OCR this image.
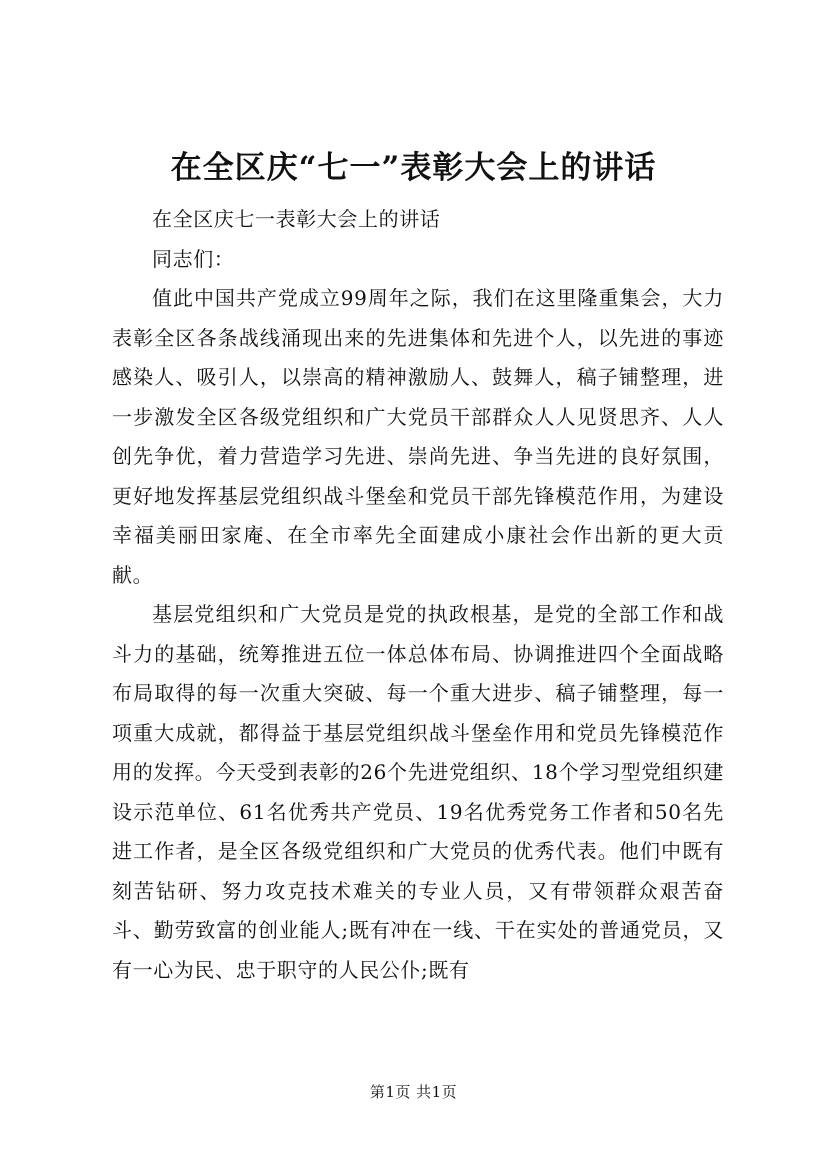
在全区庆“七一”表彰大会上的讲话

在全区庆七一表彰大会上的讲话

同志们：

值此中国共产党成立99周年之际，我们在这里隆重集会，大力表彰全区各条战线涌现出来的先进集体和先进个人，以先进的事迹感染人、吸引人，以崇高的精神激励人、鼓舞人，稿子铺整理，进一步激发全区各级党组织和广大党员干部群众人人见贤思齐、人人创先争优，着力营造学习先进、崇尚先进、争当先进的良好氛围，更好地发挥基层党组织战斗堡垒和党员干部先锋模范作用，为建设幸福美丽田家庵、在全市率先全面建成小康社会作出新的更大贡献。

基层党组织和广大党员是党的执政根基，是党的全部工作和战斗力的基础，统筹推进五位一体总体布局、协调推进四个全面战略布局取得的每一次重大突破、每一个重大进步、稿子铺整理，每一项重大成就，都得益于基层党组织战斗堡垒作用和党员先锋模范作用的发挥。今天受到表彰的26个先进党组织、18个学习型党组织建设示范单位、61名优秀共产党员、19名优秀党务工作者和50名先进工作者，是全区各级党组织和广大党员的优秀代表。他们中既有刻苦钻研、努力攻克技术难关的专业人员，又有带领群众艰苦奋斗、勤劳致富的创业能人;既有冲在一线、干在实处的普通党员，又有一心为民、忠于职守的人民公仆;既有

第1页 共1页
